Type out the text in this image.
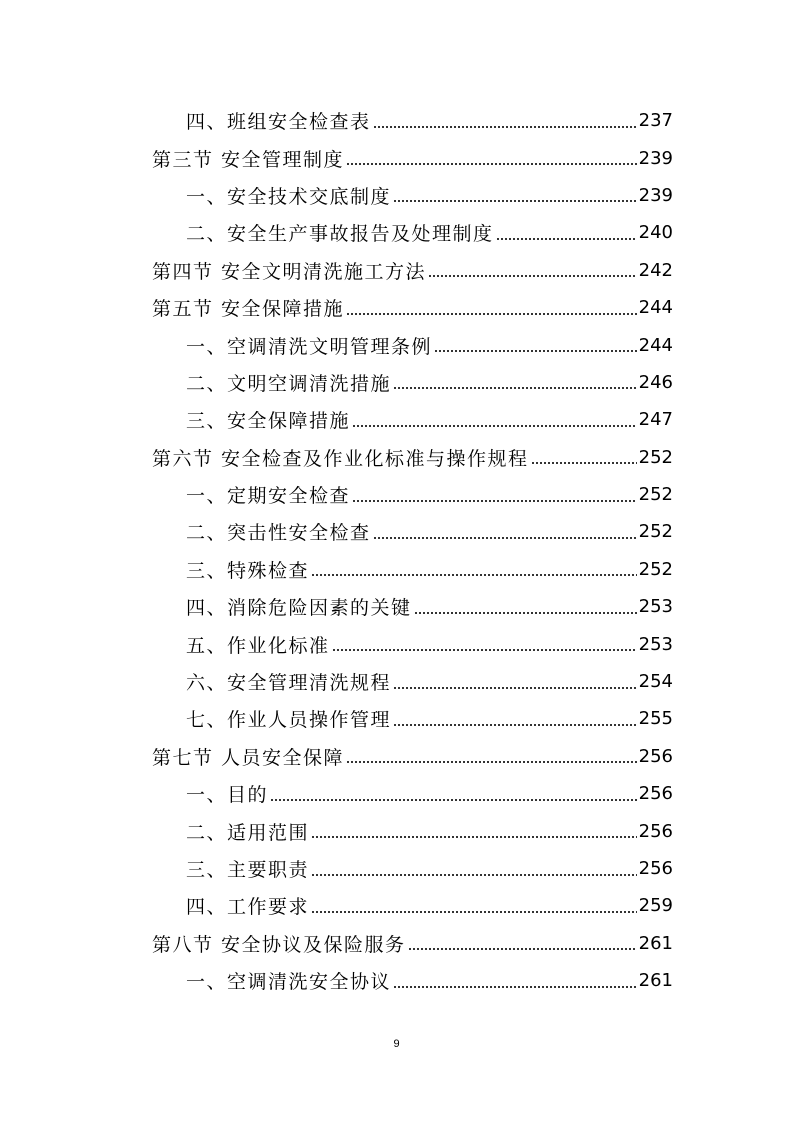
四、班组安全检查表	237
第三节 安全管理制度	239
一、安全技术交底制度	239
二、安全生产事故报告及处理制度	240
第四节 安全文明清洗施工方法	242
第五节 安全保障措施	244
一、空调清洗文明管理条例	244
二、文明空调清洗措施	246
三、安全保障措施	247
第六节 安全检查及作业化标准与操作规程	252
一、定期安全检查	252
二、突击性安全检查	252
三、特殊检查	252
四、消除危险因素的关键	253
五、作业化标准	253
六、安全管理清洗规程	254
七、作业人员操作管理	255
第七节 人员安全保障	256
一、目的	256
二、适用范围	256
三、主要职责	256
四、工作要求	259
第八节 安全协议及保险服务	261
一、空调清洗安全协议	261
9
